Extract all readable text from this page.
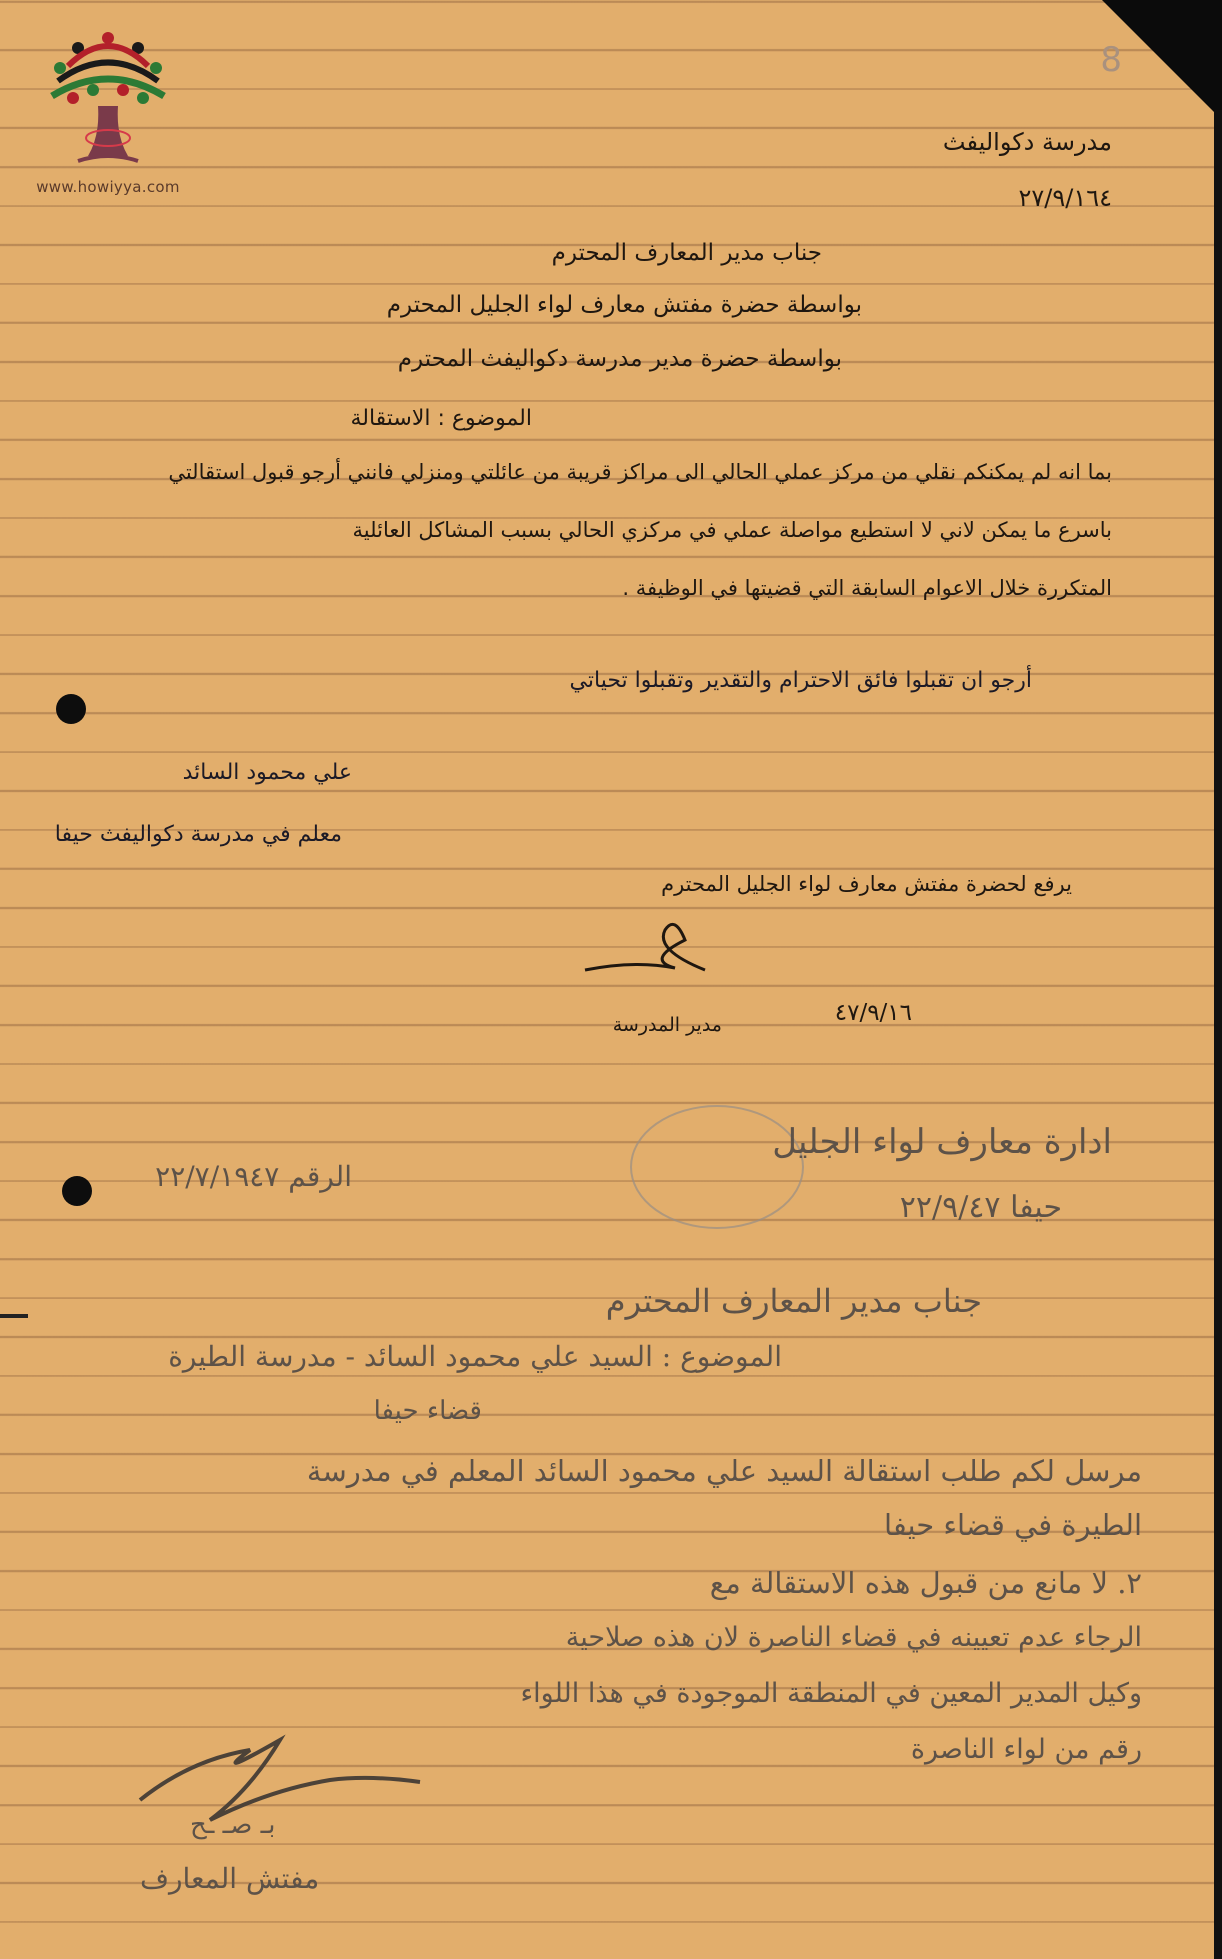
www.howiyya.com
8
مدرسة دكواليفث
٢٧/٩/١٦٤
جناب مدير المعارف المحترم
بواسطة حضرة مفتش معارف لواء الجليل المحترم
بواسطة حضرة مدير مدرسة دكواليفث المحترم
الموضوع : الاستقالة
بما انه لم يمكنكم نقلي من مركز عملي الحالي الى مراكز قريبة من عائلتي ومنزلي فانني أرجو قبول استقالتي
باسرع ما يمكن لاني لا استطيع مواصلة عملي في مركزي الحالي بسبب المشاكل العائلية
المتكررة خلال الاعوام السابقة التي قضيتها في الوظيفة .
أرجو ان تقبلوا فائق الاحترام والتقدير وتقبلوا تحياتي
علي محمود السائد
معلم في مدرسة دكواليفث حيفا
يرفع لحضرة مفتش معارف لواء الجليل المحترم
٤٧/٩/١٦
مدير المدرسة
ادارة معارف لواء الجليل
حيفا ٢٢/٩/٤٧
الرقم ٢٢/٧/١٩٤٧
جناب مدير المعارف المحترم
الموضوع : السيد علي محمود السائد - مدرسة الطيرة
قضاء حيفا
مرسل لكم طلب استقالة السيد علي محمود السائد المعلم في مدرسة
الطيرة في قضاء حيفا
٢. لا مانع من قبول هذه الاستقالة مع
الرجاء عدم تعيينه في قضاء الناصرة لان هذه صلاحية
وكيل المدير المعين في المنطقة الموجودة في هذا اللواء
رقم من لواء الناصرة
بـ صـ ـح
مفتش المعارف
